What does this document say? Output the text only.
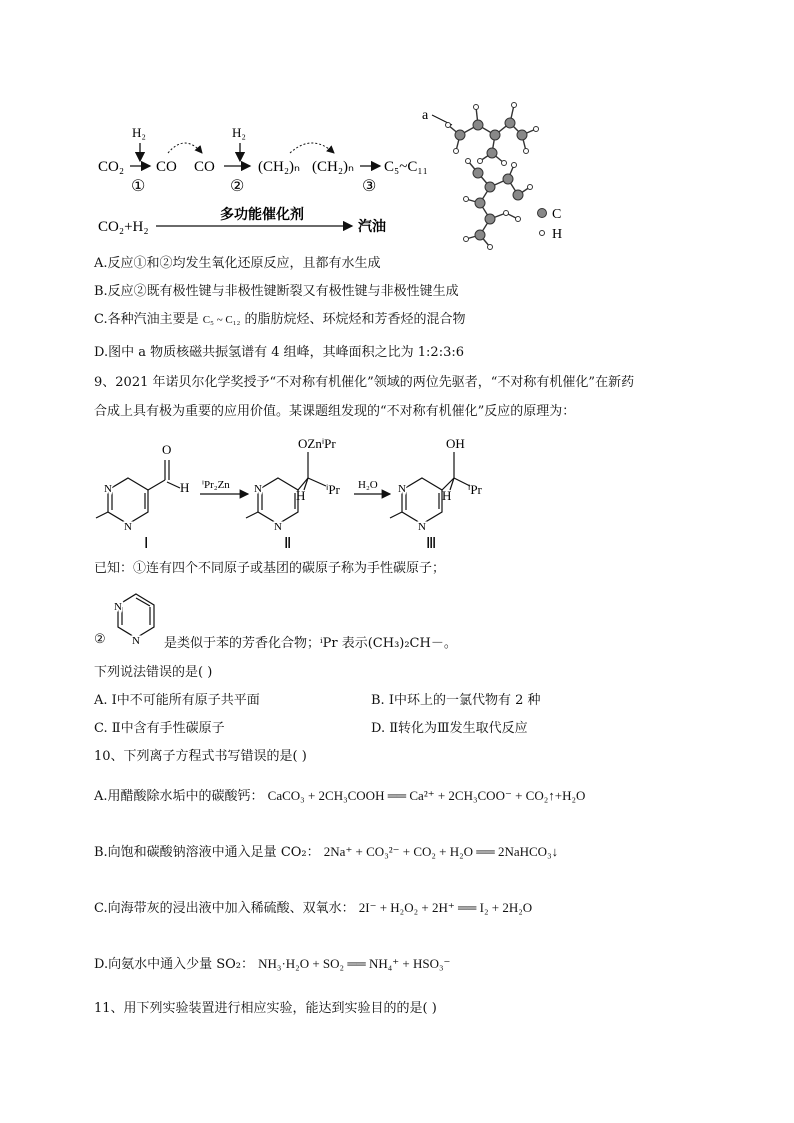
CO₂
H₂
①
CO CO
H₂
②
(CH₂)ₙ (CH₂)ₙ
③
C₅~C₁₁
CO₂+H₂
多功能催化剂
汽油
a
C
H
A.反应①和②均发生氧化还原反应，且都有水生成
B.反应②既有极性键与非极性键断裂又有极性键与非极性键生成
C.各种汽油主要是 C₅ ~ C₁₂ 的脂肪烷烃、环烷烃和芳香烃的混合物
D.图中 a 物质核磁共振氢谱有 4 组峰，其峰面积之比为 1:2:3:6
9、2021 年诺贝尔化学奖授予“不对称有机催化”领域的两位先驱者，“不对称有机催化”在新药
合成上具有极为重要的应用价值。某课题组发现的“不对称有机催化”反应的原理为：
O
H
N
N
Ⅰ
ⁱPr₂Zn
OZnⁱPr
ⁱPr
H
N
N
Ⅱ
H₂O
OH
H ⁱPr
N
N
Ⅲ
已知：①连有四个不同原子或基团的碳原子称为手性碳原子；
②
N
N 是类似于苯的芳香化合物；ⁱPr 表示(CH₃)₂CH－。
下列说法错误的是( )
A. Ⅰ中不可能所有原子共平面	B. Ⅰ中环上的一氯代物有 2 种
C. Ⅱ中含有手性碳原子	D. Ⅱ转化为Ⅲ发生取代反应
10、下列离子方程式书写错误的是( )
A.用醋酸除水垢中的碳酸钙： CaCO₃ + 2CH₃COOH ══ Ca²⁺ + 2CH₃COO⁻ + CO₂↑+H₂O
B.向饱和碳酸钠溶液中通入足量 CO₂： 2Na⁺ + CO₃²⁻ + CO₂ + H₂O ══ 2NaHCO₃↓
C.向海带灰的浸出液中加入稀硫酸、双氧水： 2I⁻ + H₂O₂ + 2H⁺ ══ I₂ + 2H₂O
D.向氨水中通入少量 SO₂： NH₃·H₂O + SO₂ ══ NH₄⁺ + HSO₃⁻
11、用下列实验装置进行相应实验，能达到实验目的的是( )
